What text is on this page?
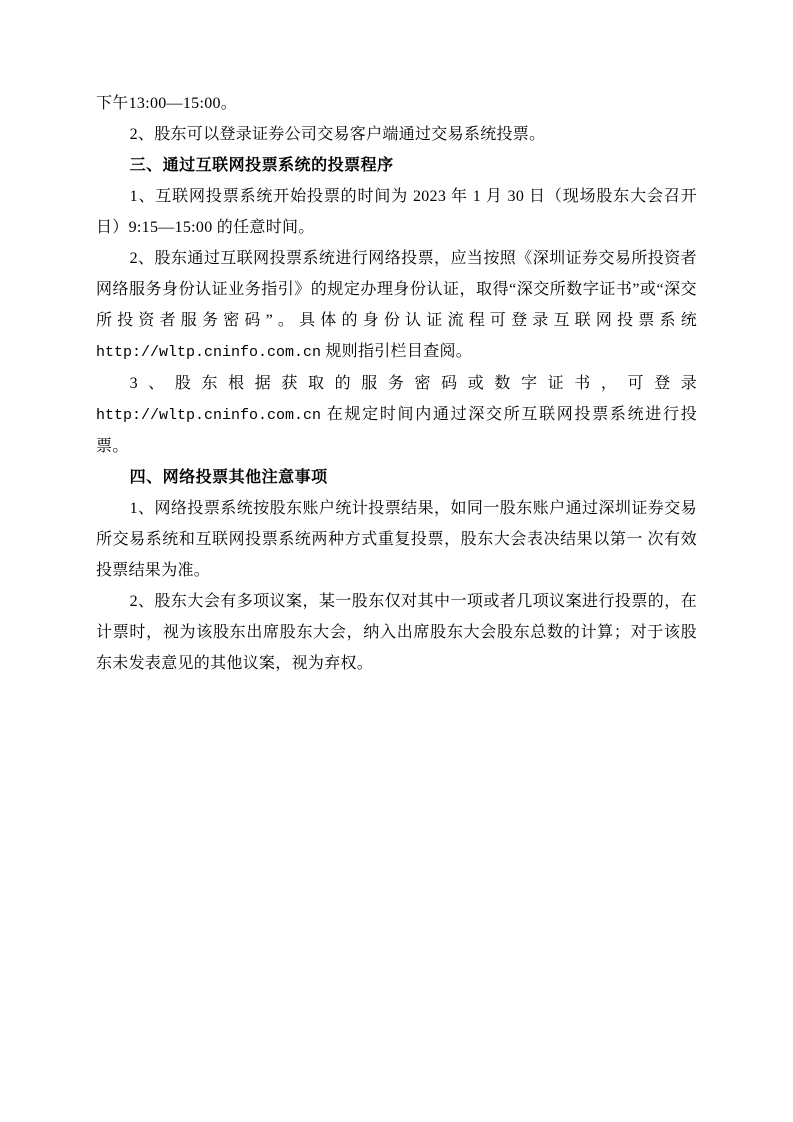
下午13:00—15:00。

2、股东可以登录证券公司交易客户端通过交易系统投票。

三、通过互联网投票系统的投票程序

1、互联网投票系统开始投票的时间为 2023 年 1 月 30 日（现场股东大会召开日）9:15—15:00 的任意时间。

2、股东通过互联网投票系统进行网络投票，应当按照《深圳证券交易所投资者网络服务身份认证业务指引》的规定办理身份认证，取得“深交所数字证书”或“深交所投资者服务密码”。具体的身份认证流程可登录互联网投票系统 http://wltp.cninfo.com.cn 规则指引栏目查阅。

3、股东根据获取的服务密码或数字证书，可登录 http://wltp.cninfo.com.cn 在规定时间内通过深交所互联网投票系统进行投票。

四、网络投票其他注意事项

1、网络投票系统按股东账户统计投票结果，如同一股东账户通过深圳证券交易所交易系统和互联网投票系统两种方式重复投票，股东大会表决结果以第一 次有效投票结果为准。

2、股东大会有多项议案，某一股东仅对其中一项或者几项议案进行投票的，在计票时，视为该股东出席股东大会，纳入出席股东大会股东总数的计算；对于该股东未发表意见的其他议案，视为弃权。
